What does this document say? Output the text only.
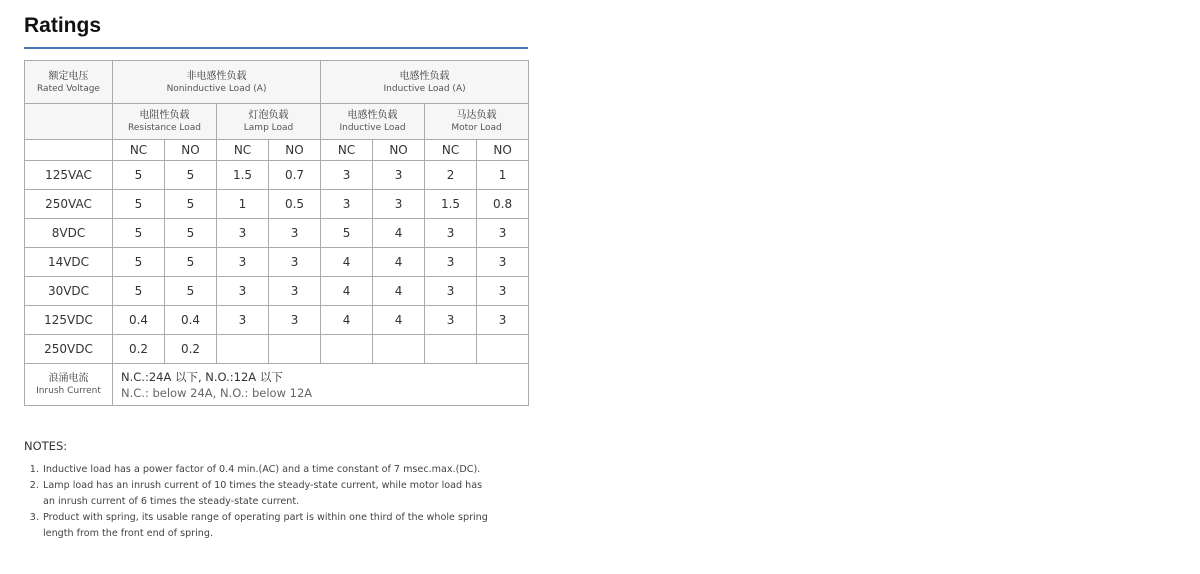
Ratings
额定电压
Rated Voltage	非电感性负载
Noninductive Load (A)				电感性负载
Inductive Load (A)			

	电阻性负载
Resistance Load		灯泡负载
Lamp Load		电感性负载
Inductive Load		马达负载
Motor Load	

	NC	NO	NC	NO	NC	NO	NC	NO
125VAC	5	5	1.5	0.7	3	3	2	1
250VAC	5	5	1	0.5	3	3	1.5	0.8
8VDC	5	5	3	3	5	4	3	3
14VDC	5	5	3	3	4	4	3	3
30VDC	5	5	3	3	4	4	3	3
125VDC	0.4	0.4	3	3	4	4	3	3
250VDC	0.2	0.2						

浪涌电流
Inrush Current	N.C.:24A 以下, N.O.:12A 以下
N.C.: below 24A, N.O.: below 12A							
NOTES:
1. Inductive load has a power factor of 0.4 min.(AC) and a time constant of 7 msec.max.(DC).
2. Lamp load has an inrush current of 10 times the steady-state current, while motor load has an inrush current of 6 times the steady-state current.
3. Product with spring, its usable range of operating part is within one third of the whole spring length from the front end of spring.
